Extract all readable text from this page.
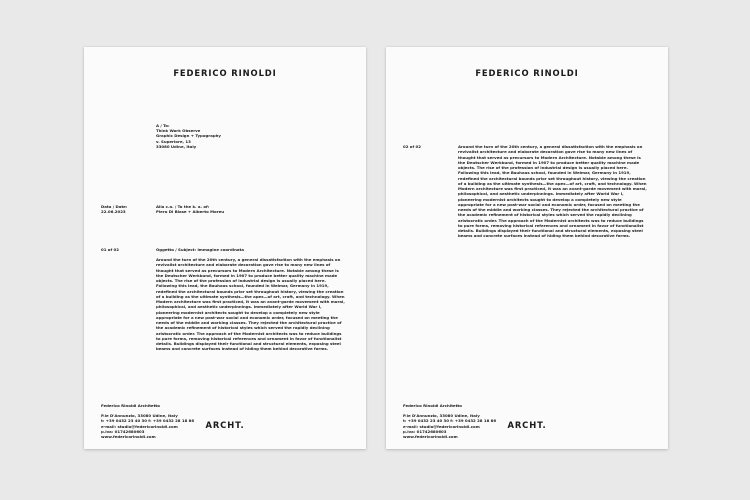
FEDERICO RINOLDI
A / To:
Think Work Observe
Graphic Design + Typography
v. Superiore, 13
33080 Udine, Italy
Data / Date:
22.06.2023
Alla c.a. / To the k. a. of:
Piero Di Biase + Alberto Moreu
01 of 02	Oggetto / Subject: immagine coordinata
Around the turn of the 20th century, a general dissatisfaction with the emphasis on revivalist architecture and elaborate decoration gave rise to many new lines of thought that served as precursors to Modern Architecture. Notable among these is the Deutscher Werkbund, formed in 1907 to produce better quality machine made objects. The rise of the profession of industrial design is usually placed here. Following this lead, the Bauhaus school, founded in Weimar, Germany in 1919, redefined the architectural bounds prior set throughout history, viewing the creation of a building as the ultimate synthesis—the apex—of art, craft, and technology. When Modern architecture was first practiced, it was an avant-garde movement with moral, philosophical, and aesthetic underpinnings. Immediately after World War I, pioneering modernist architects sought to develop a completely new style appropriate for a new post-war social and economic order, focused on meeting the needs of the middle and working classes. They rejected the architectural practice of the academic refinement of historical styles which served the rapidly declining aristocratic order. The approach of the Modernist architects was to reduce buildings to pure forms, removing historical references and ornament in favor of functionalist details. Buildings displayed their functional and structural elements, exposing steel beams and concrete surfaces instead of hiding them behind decorative forms.
Federico Rinoldi Architetto
P.le D'Annunzio, 33080 Udine, Italy
t: +39 0432 23 40 30 f: +39 0432 28 18 86
e-mail: studio@federicorinoldi.com
p.iva: 01742680603
www.federicorinoldi.com
ARCHT.
FEDERICO RINOLDI
02 of 02	Around the turn of the 20th century, a general dissatisfaction with the emphasis on revivalist architecture and elaborate decoration gave rise to many new lines of thought that served as precursors to Modern Architecture. Notable among these is the Deutscher Werkbund, formed in 1907 to produce better quality machine made objects. The rise of the profession of industrial design is usually placed here. Following this lead, the Bauhaus school, founded in Weimar, Germany in 1919, redefined the architectural bounds prior set throughout history, viewing the creation of a building as the ultimate synthesis—the apex—of art, craft, and technology. When Modern architecture was first practiced, it was an avant-garde movement with moral, philosophical, and aesthetic underpinnings. Immediately after World War I, pioneering modernist architects sought to develop a completely new style appropriate for a new post-war social and economic order, focused on meeting the needs of the middle and working classes. They rejected the architectural practice of the academic refinement of historical styles which served the rapidly declining aristocratic order. The approach of the Modernist architects was to reduce buildings to pure forms, removing historical references and ornament in favor of functionalist details. Buildings displayed their functional and structural elements, exposing steel beams and concrete surfaces instead of hiding them behind decorative forms.
Federico Rinoldi Architetto
P.le D'Annunzio, 33080 Udine, Italy
t: +39 0432 23 40 30 f: +39 0432 28 18 86
e-mail: studio@federicorinoldi.com
p.iva: 01742680603
www.federicorinoldi.com
ARCHT.
